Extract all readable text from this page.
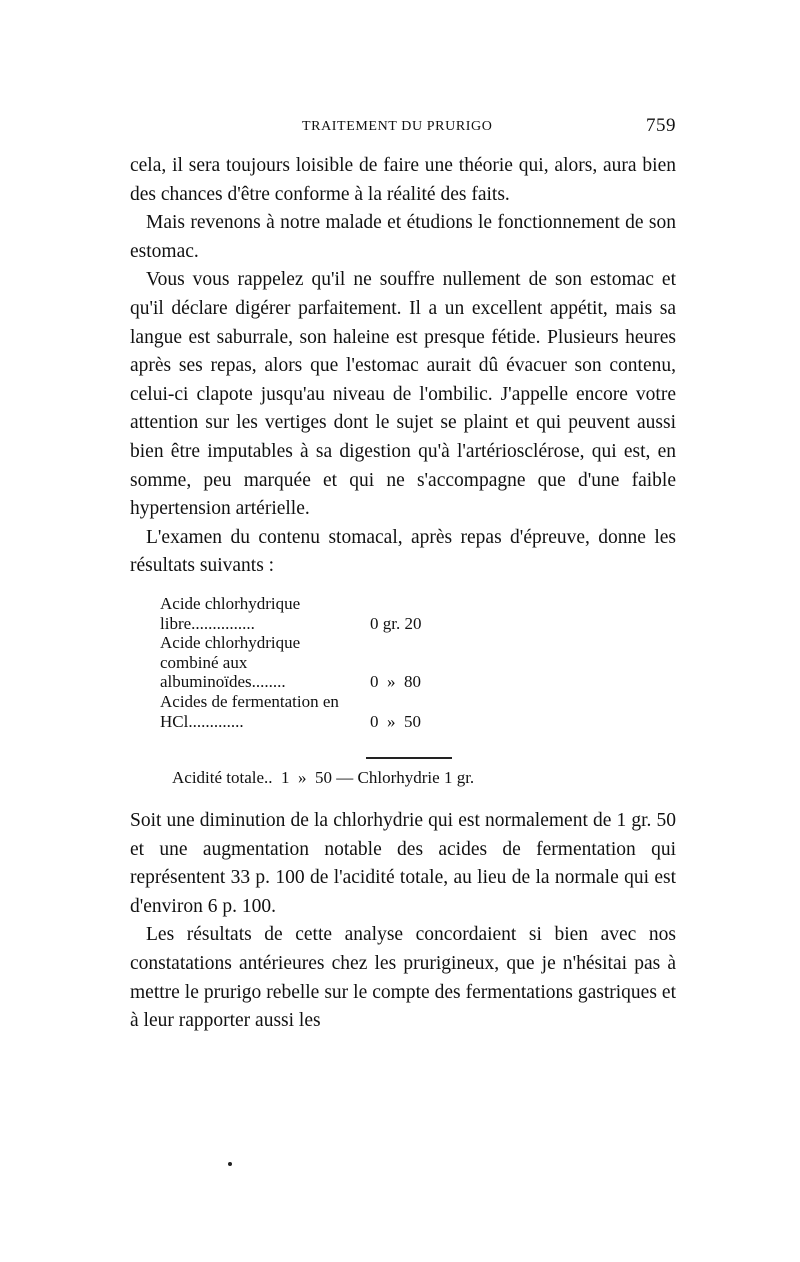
TRAITEMENT DU PRURIGO	759

cela, il sera toujours loisible de faire une théorie qui, alors, aura bien des chances d'être conforme à la réalité des faits.

Mais revenons à notre malade et étudions le fonctionnement de son estomac.

Vous vous rappelez qu'il ne souffre nullement de son estomac et qu'il déclare digérer parfaitement. Il a un excellent appétit, mais sa langue est saburrale, son haleine est presque fétide. Plusieurs heures après ses repas, alors que l'estomac aurait dû évacuer son contenu, celui-ci clapote jusqu'au niveau de l'ombilic. J'appelle encore votre attention sur les vertiges dont le sujet se plaint et qui peuvent aussi bien être imputables à sa digestion qu'à l'artériosclérose, qui est, en somme, peu marquée et qui ne s'accompagne que d'une faible hypertension artérielle.

L'examen du contenu stomacal, après repas d'épreuve, donne les résultats suivants :

Acide chlorhydrique libre...............	0 gr. 20
Acide chlorhydrique combiné aux albuminoïdes........	0  »  80
Acides de fermentation en HCl.............	0  »  50
Acidité totale..  1  »  50 — Chlorhydrie 1 gr.

Soit une diminution de la chlorhydrie qui est normalement de 1 gr. 50 et une augmentation notable des acides de fermentation qui représentent 33 p. 100 de l'acidité totale, au lieu de la normale qui est d'environ 6 p. 100.

Les résultats de cette analyse concordaient si bien avec nos constatations antérieures chez les prurigineux, que je n'hésitai pas à mettre le prurigo rebelle sur le compte des fermentations gastriques et à leur rapporter aussi les
